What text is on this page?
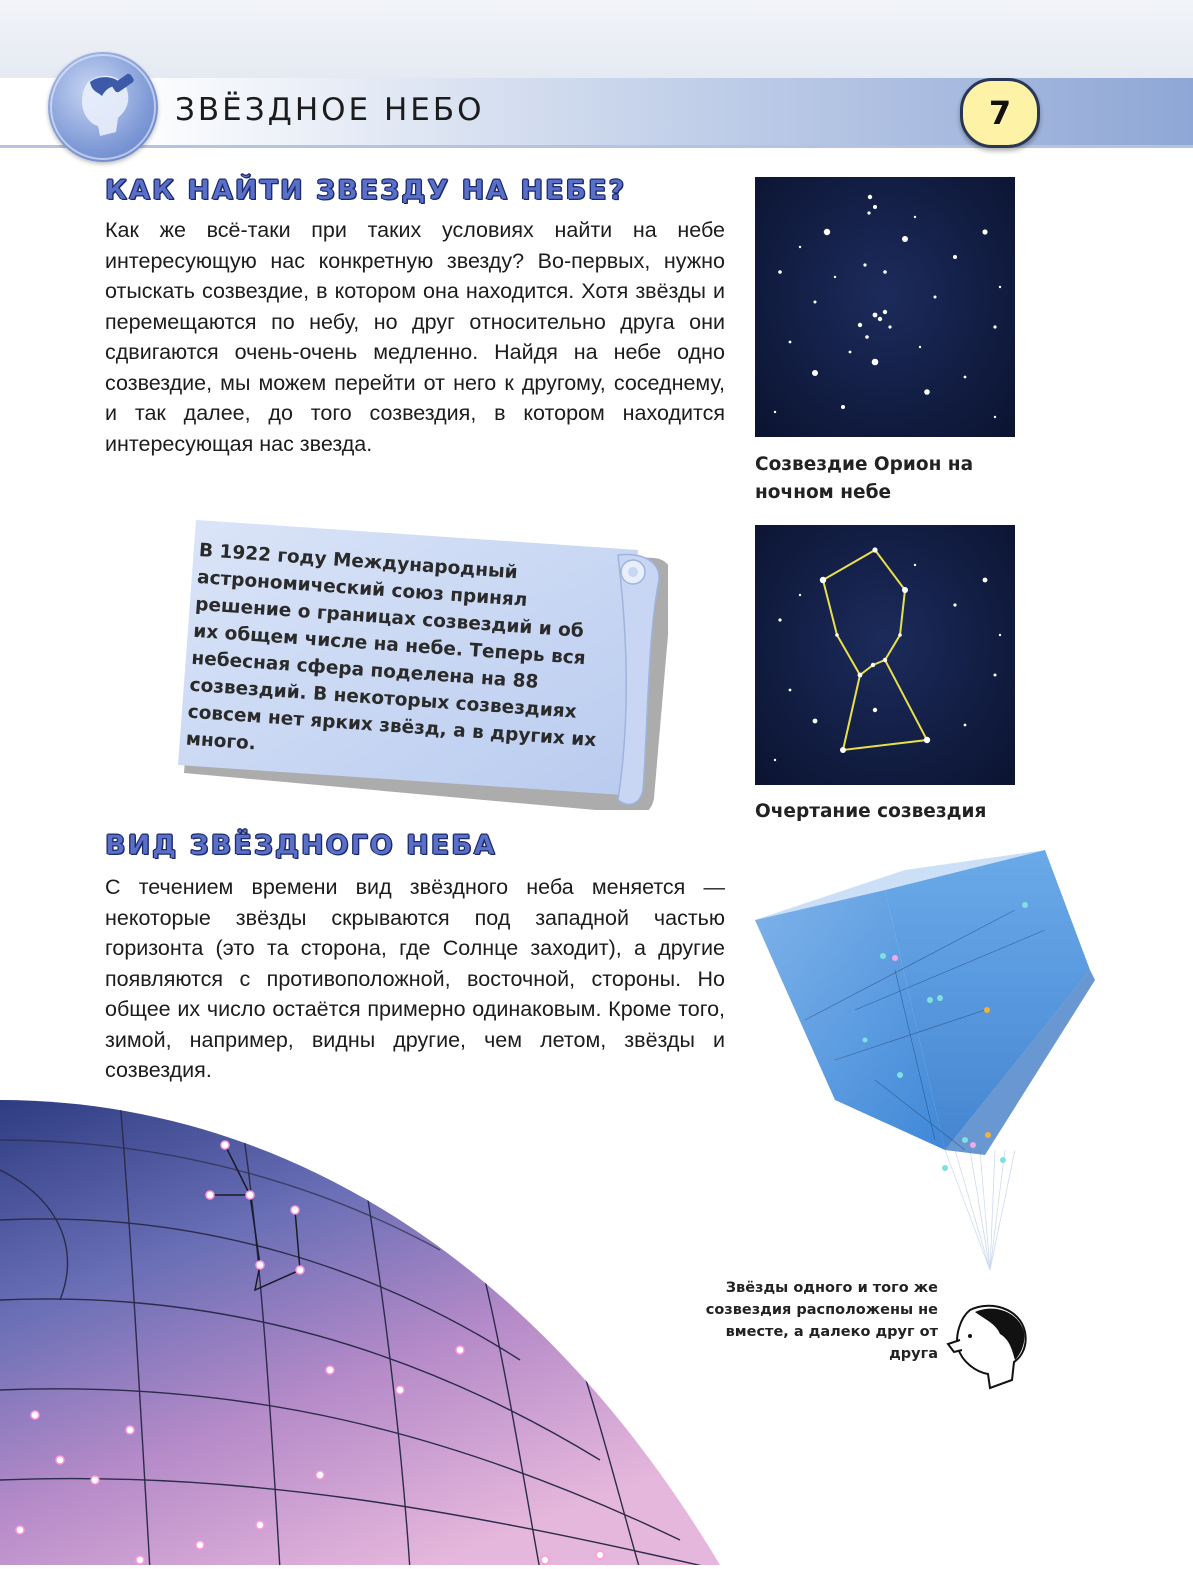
ЗВЁЗДНОЕ НЕБО	7
КАК НАЙТИ ЗВЕЗДУ НА НЕБЕ?
Как же всё-таки при таких условиях найти на небе интересующую нас конкретную звезду? Во-первых, нужно отыскать созвездие, в котором она находится. Хотя звёзды и перемещаются по небу, но друг относительно друга они сдвигаются очень-очень медленно. Найдя на небе одно созвездие, мы можем перейти от него к другому, соседнему, и так далее, до того созвездия, в котором находится интересующая нас звезда.
Созвездие Орион на ночном небе
Очертание созвездия
В 1922 году Международный астрономический союз принял решение о границах созвездий и об их общем числе на небе. Теперь вся небесная сфера поделена на 88 созвездий. В некоторых созвездиях совсем нет ярких звёзд, а в других их много.
ВИД ЗВЁЗДНОГО НЕБА
С течением времени вид звёздного неба меняется — некоторые звёзды скрываются под западной частью горизонта (это та сторона, где Солнце заходит), а другие появляются с противоположной, восточной, стороны. Но общее их число остаётся примерно одинаковым. Кроме того, зимой, например, видны другие, чем летом, звёзды и созвездия.
Звёзды одного и того же созвездия расположены не вместе, а далеко друг от друга
